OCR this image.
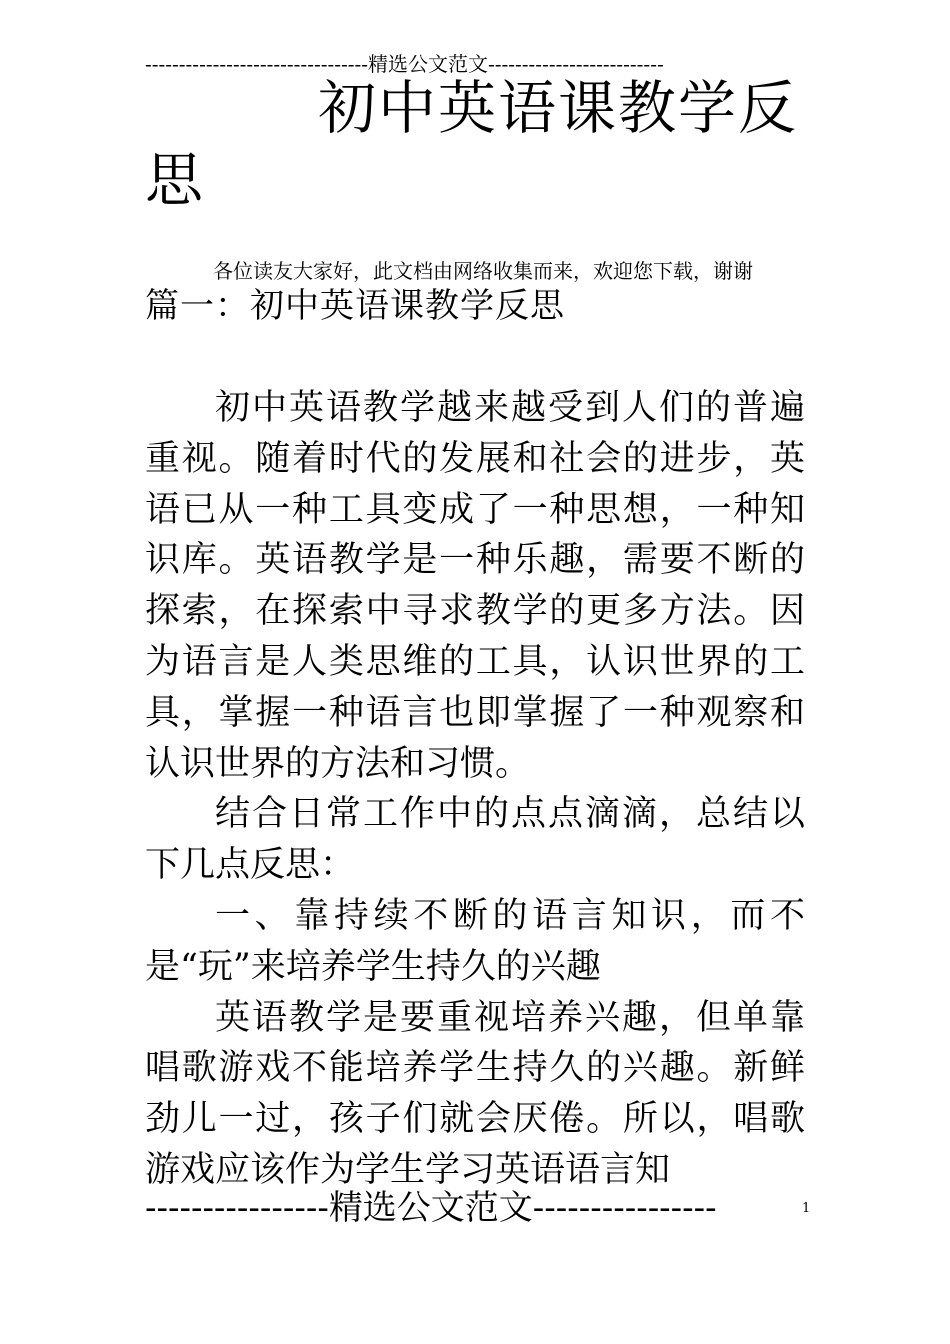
---------------------------------精选公文范文--------------------------
初中英语课教学反
思
各位读友大家好，此文档由网络收集而来，欢迎您下载，谢谢
篇一：初中英语课教学反思

初中英语教学越来越受到人们的普遍重视。随着时代的发展和社会的进步，英语已从一种工具变成了一种思想，一种知识库。英语教学是一种乐趣，需要不断的探索，在探索中寻求教学的更多方法。因为语言是人类思维的工具，认识世界的工具，掌握一种语言也即掌握了一种观察和认识世界的方法和习惯。

结合日常工作中的点点滴滴，总结以下几点反思：

一、靠持续不断的语言知识，而不是“玩”来培养学生持久的兴趣

英语教学是要重视培养兴趣，但单靠唱歌游戏不能培养学生持久的兴趣。新鲜劲儿一过，孩子们就会厌倦。所以，唱歌游戏应该作为学生学习英语语言知

----------------精选公文范文----------------	1
